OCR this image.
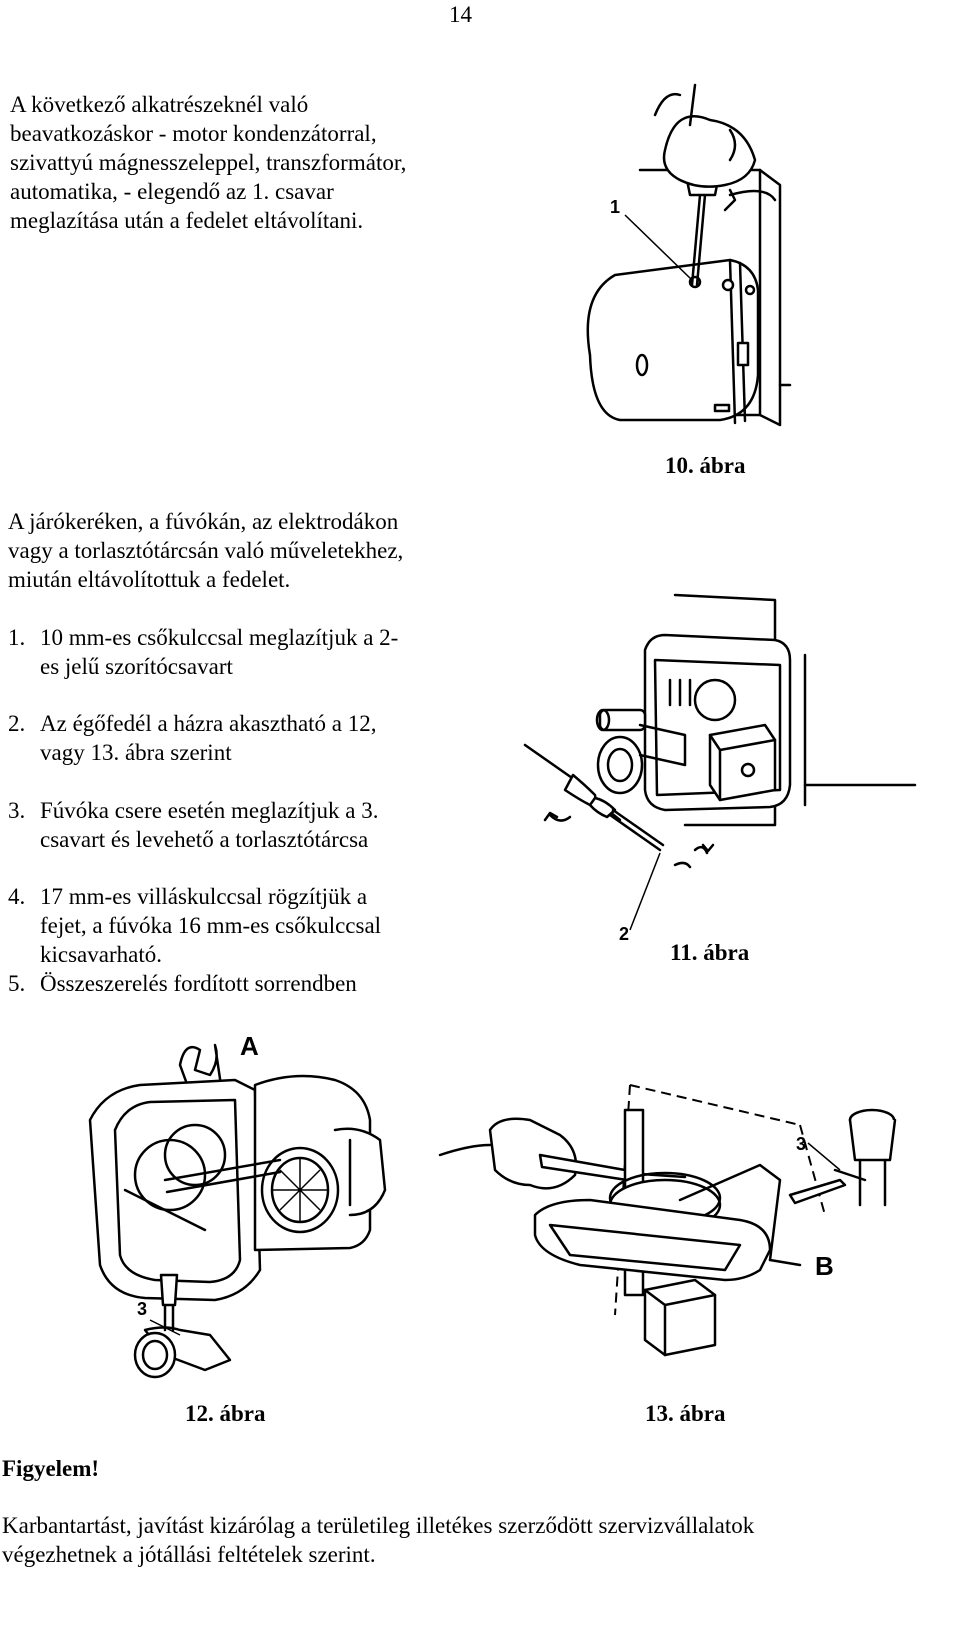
14
A következő alkatrészeknél való
beavatkozáskor - motor kondenzátorral,
szivattyú mágnesszeleppel, transzformátor,
automatika, - elegendő az 1. csavar
meglazítása után a fedelet eltávolítani.
1
10. ábra
A járókeréken, a fúvókán, az elektrodákon
vagy a torlasztótárcsán való műveletekhez,
miután eltávolítottuk a fedelet.
1. 10 mm-es csőkulccsal meglazítjuk a 2-
es jelű szorítócsavart
2. Az égőfedél a házra akasztható a 12,
vagy 13. ábra szerint
3. Fúvóka csere esetén meglazítjuk a 3.
csavart és levehető a torlasztótárcsa
4. 17 mm-es villáskulccsal rögzítjük a
fejet, a fúvóka 16 mm-es csőkulccsal
kicsavarható.
5. Összeszerelés fordított sorrendben
2
11. ábra
A
3
12. ábra
B
3
13. ábra
Figyelem!
Karbantartást, javítást kizárólag a területileg illetékes szerződött szervizvállalatok
végezhetnek a jótállási feltételek szerint.
